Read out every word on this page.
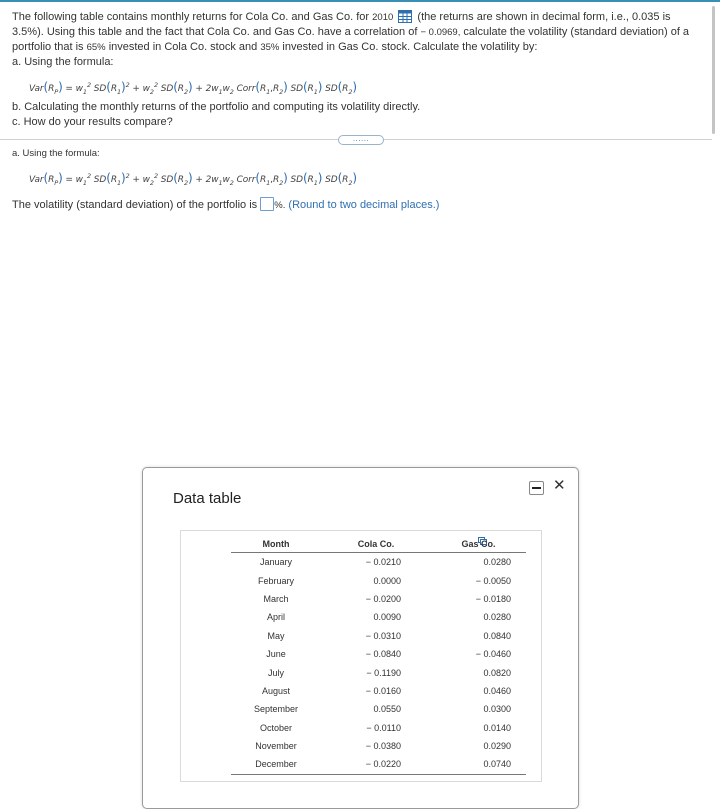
The following table contains monthly returns for Cola Co. and Gas Co. for 2010 (the returns are shown in decimal form, i.e., 0.035 is 3.5%). Using this table and the fact that Cola Co. and Gas Co. have a correlation of − 0.0969, calculate the volatility (standard deviation) of a portfolio that is 65% invested in Cola Co. stock and 35% invested in Gas Co. stock. Calculate the volatility by:

a. Using the formula:

$Var(R_P) = w_1^2$ $SD(R_1)^2 + w_2^2$ $SD(R_2) + 2w_1w_2$ $Corr(R_1,R_2)$ $SD(R_1)$ $SD(R_2)$

b. Calculating the monthly returns of the portfolio and computing its volatility directly.

c. How do your results compare?

......
a. Using the formula:
$Var(R_P) = w_1^2$ $SD(R_1)^2 + w_2^2$ $SD(R_2) + 2w_1w_2$ $Corr(R_1,R_2)$ $SD(R_1)$ $SD(R_2)$
The volatility (standard deviation) of the portfolio is %. (Round to two decimal places.)
Data table
✕
Month	Cola Co.	Gas Co.
January	− 0.0210	0.0280
February	0.0000	− 0.0050
March	− 0.0200	− 0.0180
April	0.0090	0.0280
May	− 0.0310	0.0840
June	− 0.0840	− 0.0460
July	− 0.1190	0.0820
August	− 0.0160	0.0460
September	0.0550	0.0300
October	− 0.0110	0.0140
November	− 0.0380	0.0290
December	− 0.0220	0.0740
